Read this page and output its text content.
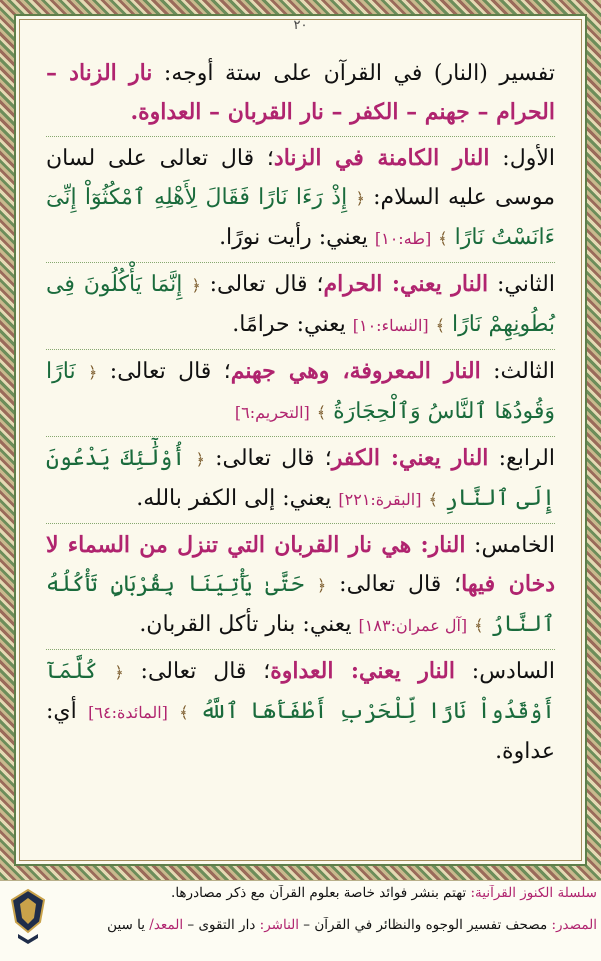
٢٠

تفسير (النار) في القرآن على ستة أوجه: نار الزناد – الحرام – جهنم – الكفر – نار القربان – العداوة.

الأول: النار الكامنة في الزناد؛ قال تعالى على لسان موسى عليه السلام: ﴿ إِذْ رَءَا نَارًا فَقَالَ لِأَهْلِهِ ٱمْكُثُوٓاْ إِنِّىٓ ءَانَسْتُ نَارًا ﴾ [طه:١٠] يعني: رأيت نورًا.

الثاني: النار يعني: الحرام؛ قال تعالى: ﴿ إِنَّمَا يَأْكُلُونَ فِى بُطُونِهِمْ نَارًا ﴾ [النساء:١٠] يعني: حرامًا.

الثالث: النار المعروفة، وهي جهنم؛ قال تعالى: ﴿ نَارًا وَقُودُهَا ٱلنَّاسُ وَٱلْحِجَارَةُ ﴾ [التحريم:٦]

الرابع: النار يعني: الكفر؛ قال تعالى: ﴿ أُوْلَٰٓئِكَ يَدْعُونَ إِلَى ٱلنَّارِ ﴾ [البقرة:٢٢١] يعني: إلى الكفر بالله.

الخامس: النار: هي نار القربان التي تنزل من السماء لا دخان فيها؛ قال تعالى: ﴿ حَتَّىٰ يَأْتِيَنَا بِقُرْبَانٍ تَأْكُلُهُ ٱلنَّارُ ﴾ [آل عمران:١٨٣] يعني: بنار تأكل القربان.

السادس: النار يعني: العداوة؛ قال تعالى: ﴿ كُلَّمَآ أَوْقَدُواْ نَارًا لِّلْحَرْبِ أَطْفَأَهَا ٱللَّهُ ﴾ [المائدة:٦٤] أي: عداوة.

سلسلة الكنوز القرآنية: تهتم بنشر فوائد خاصة بعلوم القرآن مع ذكر مصادرها.
المصدر: مصحف تفسير الوجوه والنظائر في القرآن – الناشر: دار التقوى – المعد/ يا سين
